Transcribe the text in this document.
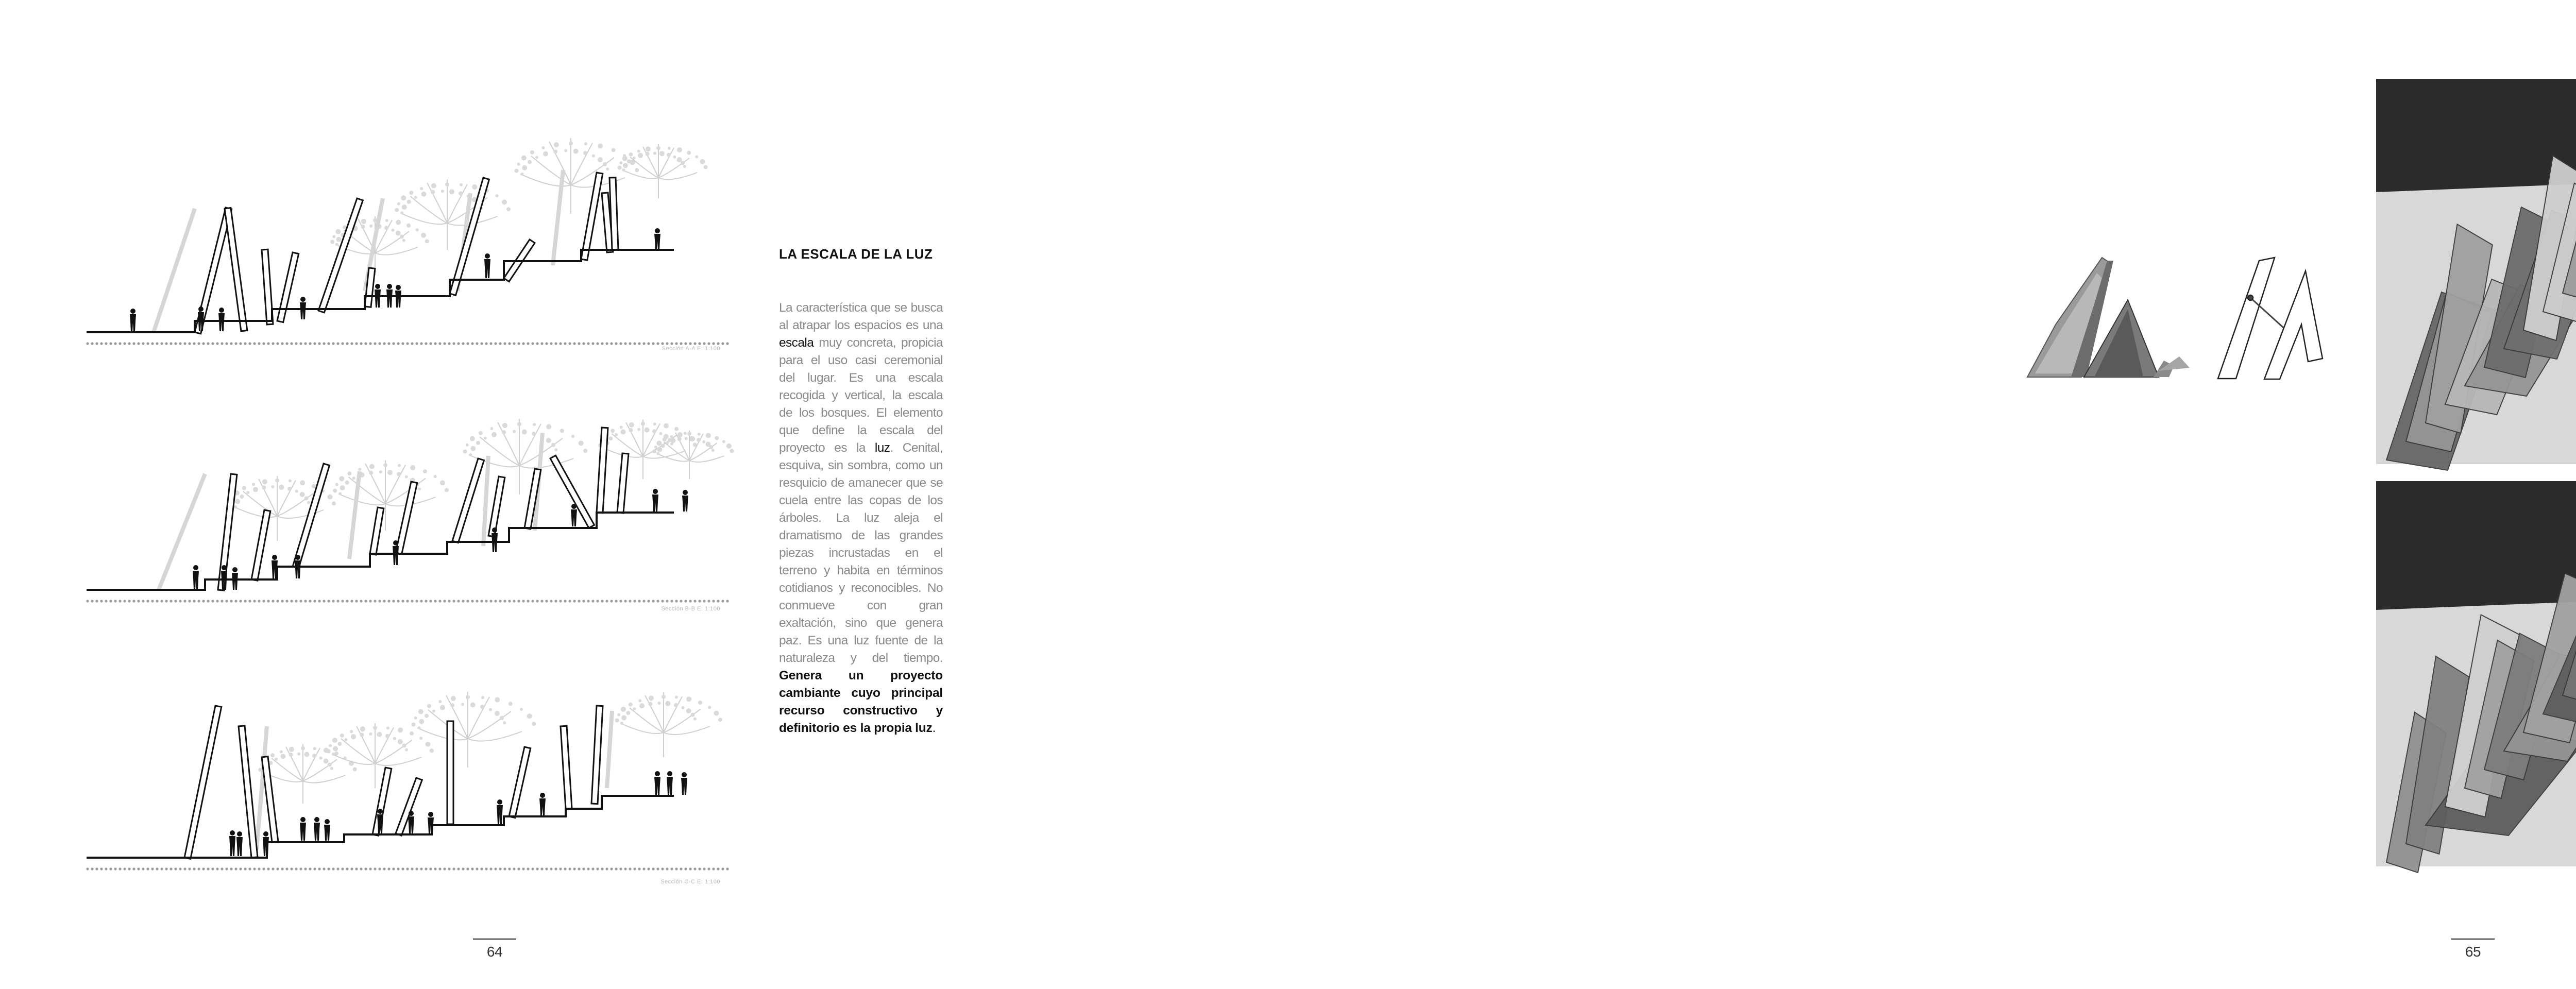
Sección A-A E: 1:100
Sección B-B E: 1:100
Sección C-C E: 1:100
LA ESCALA DE LA LUZ
La característica que se busca al atrapar los espacios es una escala muy concreta, propicia para el uso casi ceremonial del lugar. Es una escala recogida y vertical, la escala de los bosques. El elemento que define la escala del proyecto es la luz. Cenital, esquiva, sin sombra, como un resquicio de amanecer que se cuela entre las copas de los árboles. La luz aleja el dramatismo de las grandes piezas incrustadas en el terreno y habita en términos cotidianos y reconocibles. No conmueve con gran exaltación, sino que genera paz. Es una luz fuente de la naturaleza y del tiempo. Genera un proyecto cambiante cuyo principal recurso constructivo y definitorio es la propia luz.
64	65
